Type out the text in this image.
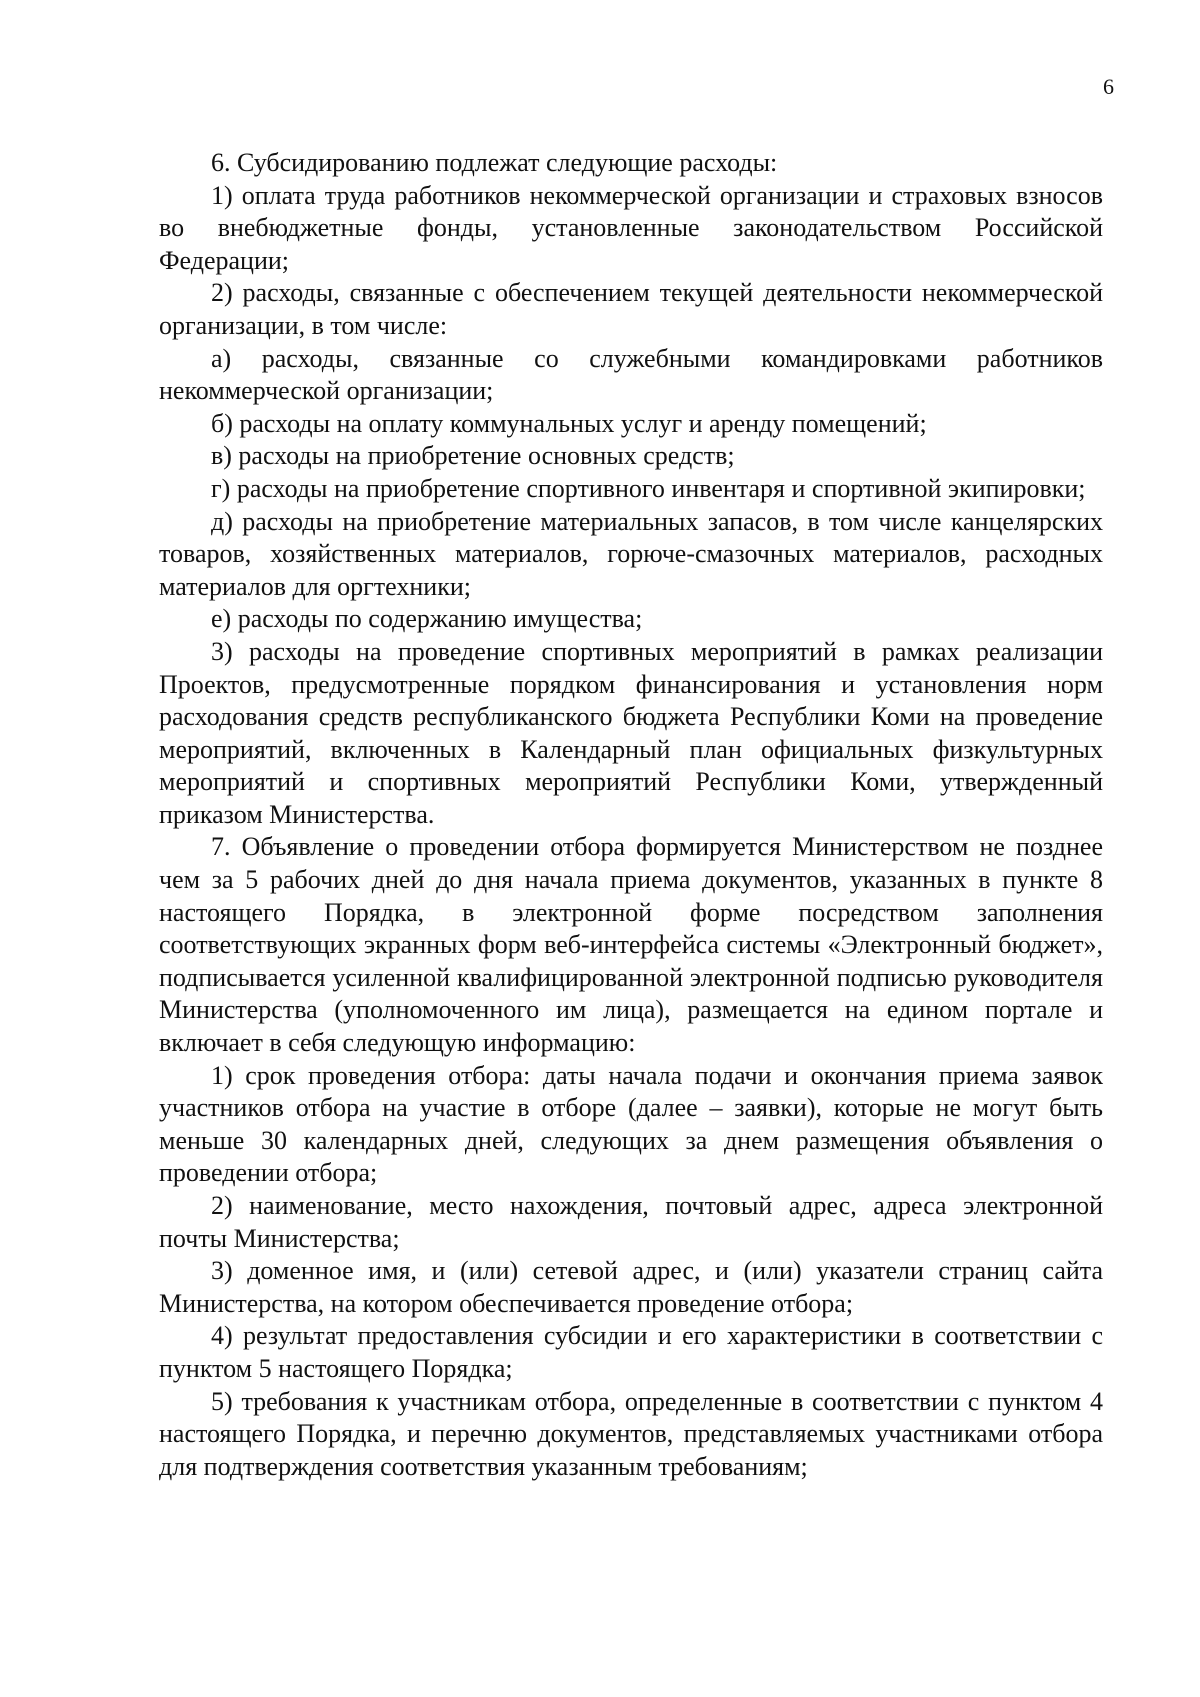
6

6. Субсидированию подлежат следующие расходы:

1) оплата труда работников некоммерческой организации и страховых взносов во внебюджетные фонды, установленные законодательством Российской Федерации;

2) расходы, связанные с обеспечением текущей деятельности некоммерческой организации, в том числе:

а) расходы, связанные со служебными командировками работников некоммерческой организации;

б) расходы на оплату коммунальных услуг и аренду помещений;

в) расходы на приобретение основных средств;

г) расходы на приобретение спортивного инвентаря и спортивной экипировки;

д) расходы на приобретение материальных запасов, в том числе канцелярских товаров, хозяйственных материалов, горюче-смазочных материалов, расходных материалов для оргтехники;

е) расходы по содержанию имущества;

3) расходы на проведение спортивных мероприятий в рамках реализации Проектов, предусмотренные порядком финансирования и установления норм расходования средств республиканского бюджета Республики Коми на проведение мероприятий, включенных в Календарный план официальных физкультурных мероприятий и спортивных мероприятий Республики Коми, утвержденный приказом Министерства.

7. Объявление о проведении отбора формируется Министерством не позднее чем за 5 рабочих дней до дня начала приема документов, указанных в пункте 8 настоящего Порядка, в электронной форме посредством заполнения соответствующих экранных форм веб-интерфейса системы «Электронный бюджет», подписывается усиленной квалифицированной электронной подписью руководителя Министерства (уполномоченного им лица), размещается на едином портале и включает в себя следующую информацию:

1) срок проведения отбора: даты начала подачи и окончания приема заявок участников отбора на участие в отборе (далее – заявки), которые не могут быть меньше 30 календарных дней, следующих за днем размещения объявления о проведении отбора;

2) наименование, место нахождения, почтовый адрес, адреса электронной почты Министерства;

3) доменное имя, и (или) сетевой адрес, и (или) указатели страниц сайта Министерства, на котором обеспечивается проведение отбора;

4) результат предоставления субсидии и его характеристики в соответствии с пунктом 5 настоящего Порядка;

5) требования к участникам отбора, определенные в соответствии с пунктом 4 настоящего Порядка, и перечню документов, представляемых участниками отбора для подтверждения соответствия указанным требованиям;
